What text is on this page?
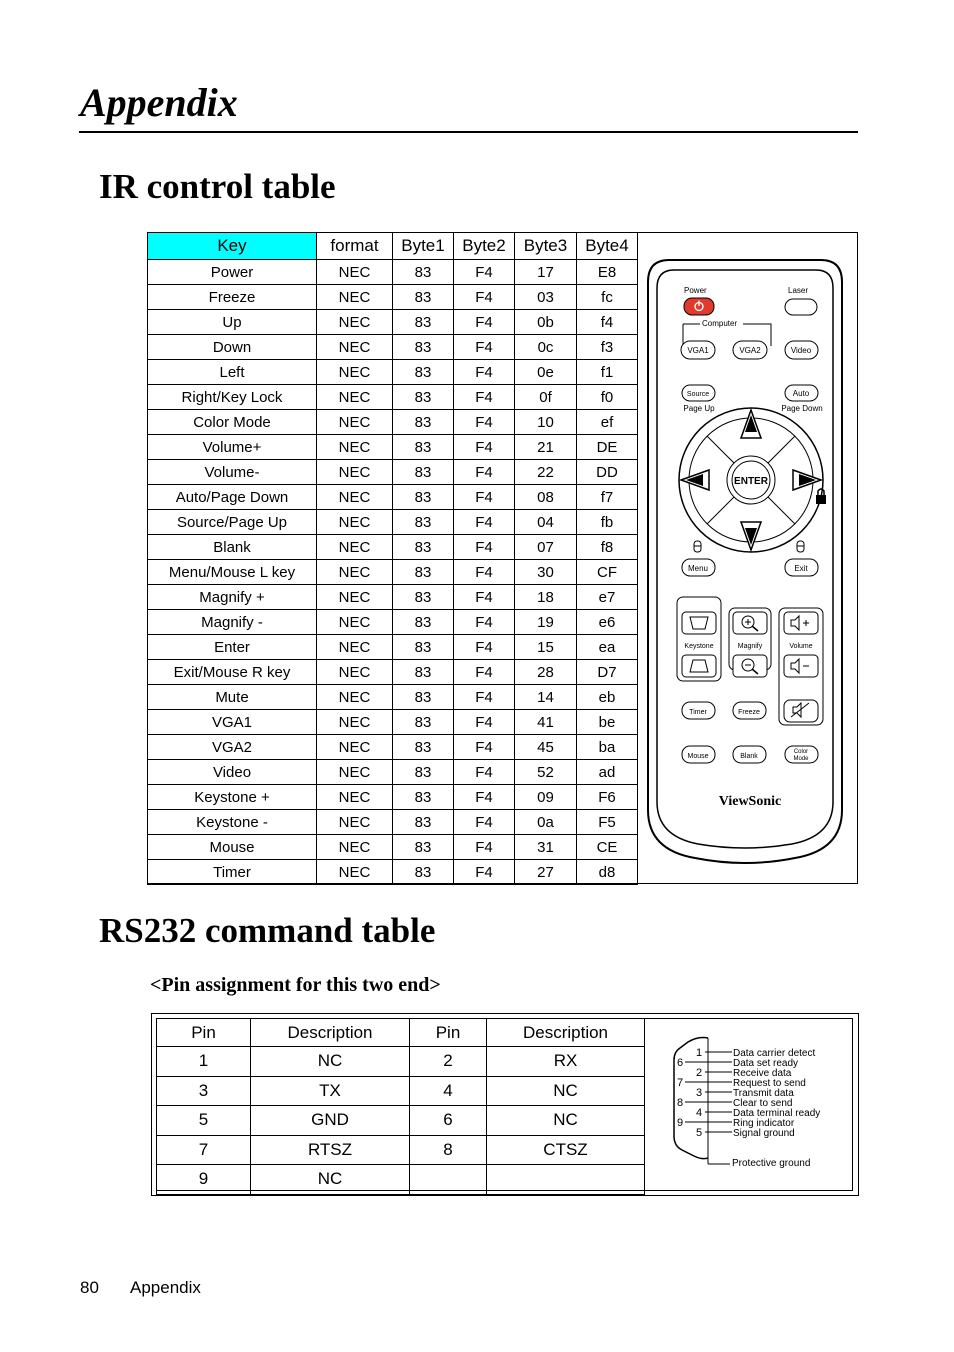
Appendix
IR control table
Key	format	Byte1	Byte2	Byte3	Byte4
Power	NEC	83	F4	17	E8
Freeze	NEC	83	F4	03	fc
Up	NEC	83	F4	0b	f4
Down	NEC	83	F4	0c	f3
Left	NEC	83	F4	0e	f1
Right/Key Lock	NEC	83	F4	0f	f0
Color Mode	NEC	83	F4	10	ef
Volume+	NEC	83	F4	21	DE
Volume-	NEC	83	F4	22	DD
Auto/Page Down	NEC	83	F4	08	f7
Source/Page Up	NEC	83	F4	04	fb
Blank	NEC	83	F4	07	f8
Menu/Mouse L key	NEC	83	F4	30	CF
Magnify +	NEC	83	F4	18	e7
Magnify -	NEC	83	F4	19	e6
Enter	NEC	83	F4	15	ea
Exit/Mouse R key	NEC	83	F4	28	D7
Mute	NEC	83	F4	14	eb
VGA1	NEC	83	F4	41	be
VGA2	NEC	83	F4	45	ba
Video	NEC	83	F4	52	ad
Keystone +	NEC	83	F4	09	F6
Keystone -	NEC	83	F4	0a	F5
Mouse	NEC	83	F4	31	CE
Timer	NEC	83	F4	27	d8
Power	Laser
Computer
VGA1	VGA2	Video
Source
Page Up
Auto
Page Down
ENTER
Menu	Exit
Keystone	Magnify	Volume
Timer	Freeze
Mouse	Blank
Color
Mode
ViewSonic
RS232 command table
<Pin assignment for this two end>
Pin	Description	Pin	Description
1	NC	2	RX
3	TX	4	NC
5	GND	6	NC
7	RTSZ	8	CTSZ
9	NC		
1
6
2
7
3
8
4
9
5
Data carrier detect
Data set ready
Receive data
Request to send
Transmit data
Clear to send
Data terminal ready
Ring indicator
Signal ground
Protective ground
80 Appendix
